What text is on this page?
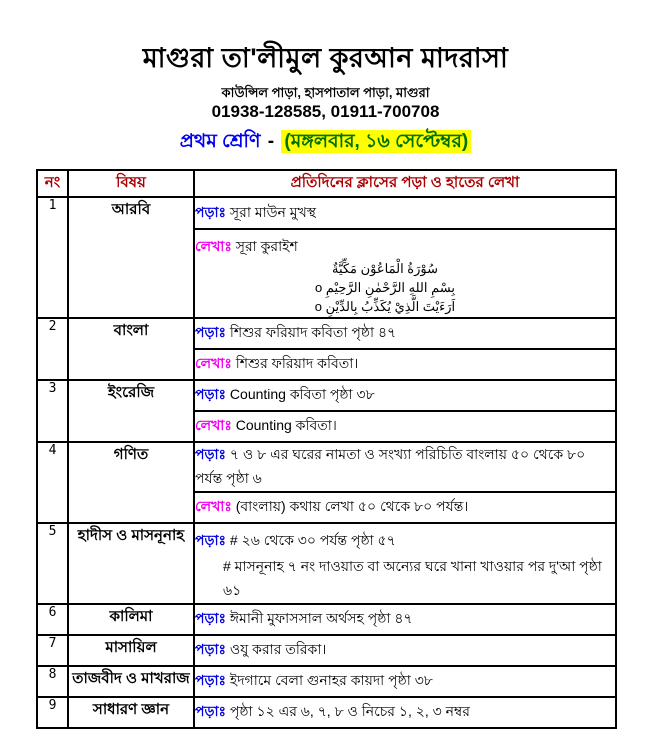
মাগুরা তা'লীমুল কুরআন মাদরাসা
কাউন্সিল পাড়া, হাসপাতাল পাড়া, মাগুরা
01938-128585, 01911-700708
প্রথম শ্রেণি - (মঙ্গলবার, ১৬ সেপ্টেম্বর)
নং	বিষয়	প্রতিদিনের ক্লাসের পড়া ও হাতের লেখা
1	আরবি	পড়াঃ সূরা মাউন মুখস্থ
		লেখাঃ সূরা কুরাইশ
سُوْرَةُ الْمَاعُوْن مَكِّيَّةٌ
بِسْمِ اللهِ الرَّحْمٰنِ الرَّحِيْمِ o
اَرَءَيْتَ الَّذِيْ يُكَذِّبُ بِالدِّيْنِ o

2	বাংলা	পড়াঃ শিশুর ফরিয়াদ কবিতা পৃষ্ঠা ৪৭
		লেখাঃ শিশুর ফরিয়াদ কবিতা।
3	ইংরেজি	পড়াঃ Counting কবিতা পৃষ্ঠা ৩৮
		লেখাঃ Counting কবিতা।
4	গণিত	পড়াঃ ৭ ও ৮ এর ঘরের নামতা ও সংখ্যা পরিচিতি বাংলায় ৫০ থেকে ৮০ পর্যন্ত পৃষ্ঠা ৬
		লেখাঃ (বাংলায়) কথায় লেখা ৫০ থেকে ৮০ পর্যন্ত।
5	হাদীস ও মাসনূনাহ	পড়াঃ # ২৬ থেকে ৩০ পর্যন্ত পৃষ্ঠা ৫৭
# মাসনূনাহ ৭ নং দাওয়াত বা অন্যের ঘরে খানা খাওয়ার পর দু'আ পৃষ্ঠা ৬১

6	কালিমা	পড়াঃ ঈমানী মুফাসসাল অর্থসহ পৃষ্ঠা ৪৭
7	মাসায়িল	পড়াঃ ওযু করার তরিকা।
8	তাজবীদ ও মাখরাজ	পড়াঃ ইদগামে বেলা গুনাহর কায়দা পৃষ্ঠা ৩৮
9	সাধারণ জ্ঞান	পড়াঃ পৃষ্ঠা ১২ এর ৬, ৭, ৮ ও নিচের ১, ২, ৩ নম্বর
